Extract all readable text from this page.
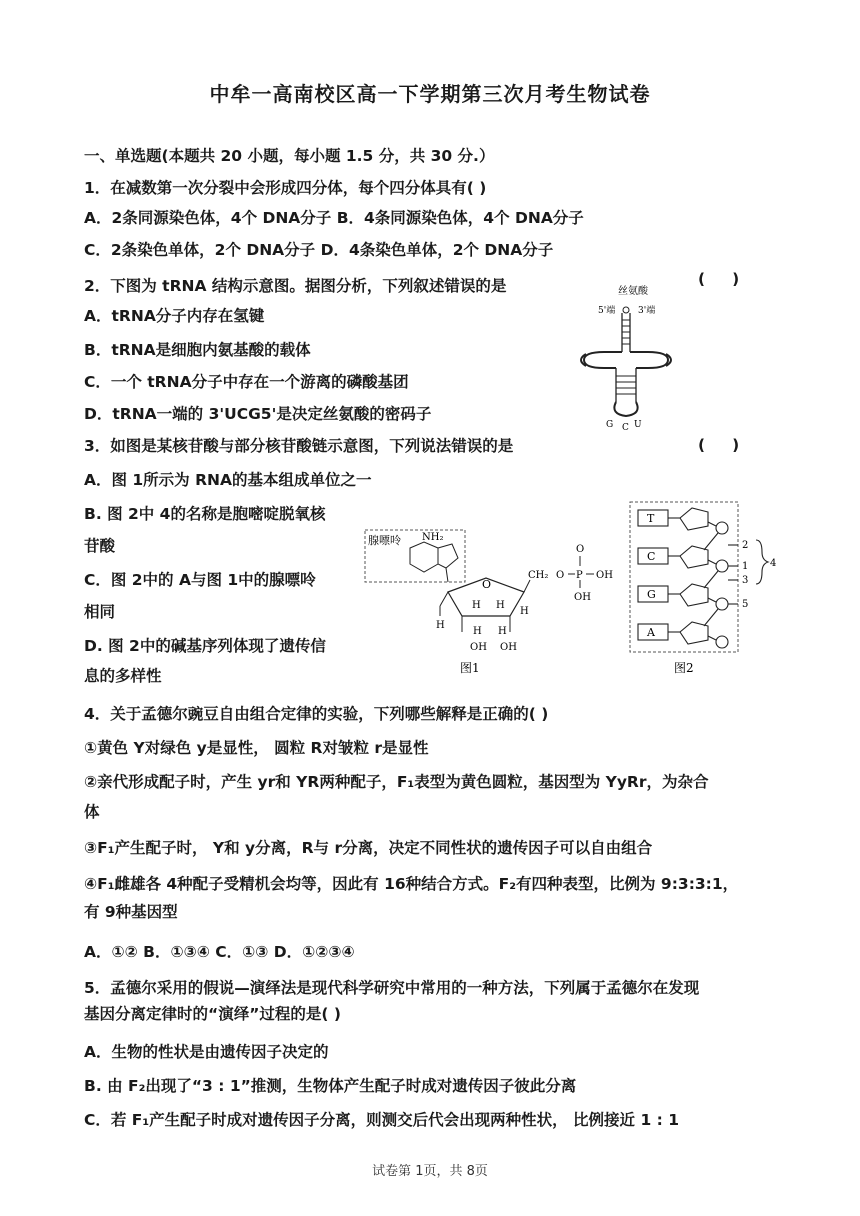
中牟一高南校区高一下学期第三次月考生物试卷
一、单选题(本题共 20 小题，每小题 1.5 分，共 30 分.）
1．在减数第一次分裂中会形成四分体，每个四分体具有( )
A．2条同源染色体，4个 DNA分子 B．4条同源染色体，4个 DNA分子
C．2条染色单体，2个 DNA分子 D．4条染色单体，2个 DNA分子
2．下图为 tRNA 结构示意图。据图分析，下列叙述错误的是	(     )
A．tRNA分子内存在氢键
B．tRNA是细胞内氨基酸的载体
C．一个 tRNA分子中存在一个游离的磷酸基团
D．tRNA一端的 3'UCG5'是决定丝氨酸的密码子
丝氨酸
5'端	3'端
G C U
3．如图是某核苷酸与部分核苷酸链示意图，下列说法错误的是	(     )
A．图 1所示为 RNA的基本组成单位之一
B. 图 2中 4的名称是胞嘧啶脱氧核
苷酸
C．图 2中的 A与图 1中的腺嘌呤
相同
D. 图 2中的碱基序列体现了遗传信
息的多样性
腺嘌呤 NH₂
O
H
H H
H
H H
OH OH
CH₂ O P OH
O
OH
图1
T
C
G
A
2
1
3
4
5
图2
4．关于孟德尔豌豆自由组合定律的实验，下列哪些解释是正确的( )
①黄色 Y对绿色 y是显性， 圆粒 R对皱粒 r是显性
②亲代形成配子时，产生 yr和 YR两种配子，F₁表型为黄色圆粒，基因型为 YyRr，为杂合
体
③F₁产生配子时， Y和 y分离，R与 r分离，决定不同性状的遗传因子可以自由组合
④F₁雌雄各 4种配子受精机会均等，因此有 16种结合方式。F₂有四种表型，比例为 9:3:3:1，
有 9种基因型
A．①② B．①③④ C．①③ D．①②③④
5．孟德尔采用的假说—演绎法是现代科学研究中常用的一种方法，下列属于孟德尔在发现
基因分离定律时的“演绎”过程的是( )
A．生物的性状是由遗传因子决定的
B. 由 F₂出现了“3 : 1”推测，生物体产生配子时成对遗传因子彼此分离
C．若 F₁产生配子时成对遗传因子分离，则测交后代会出现两种性状， 比例接近 1 : 1
试卷第 1页，共 8页
